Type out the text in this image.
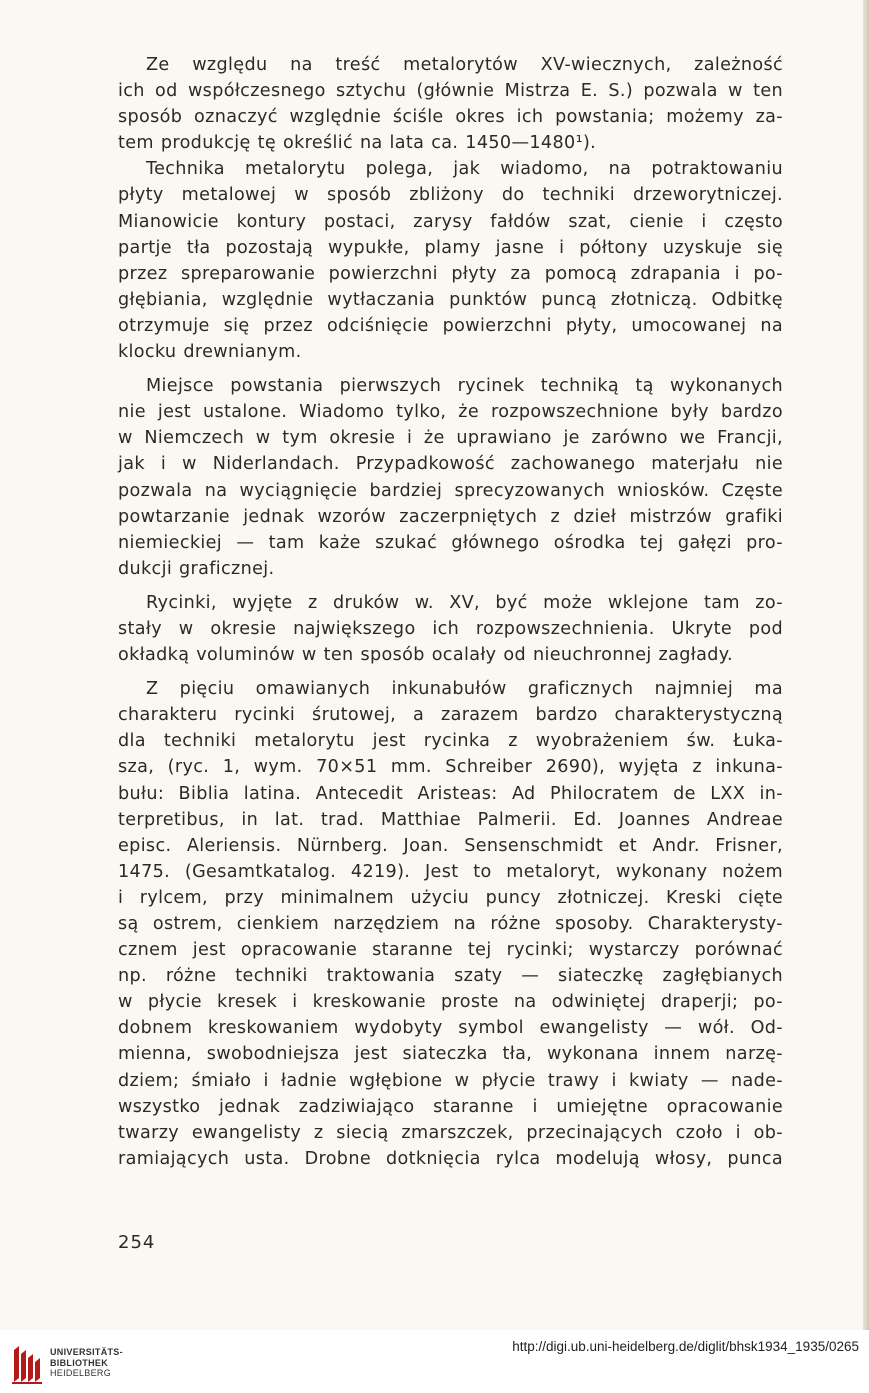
Ze względu na treść metalorytów XV-wiecznych, zależność
ich od współczesnego sztychu (głównie Mistrza E. S.) pozwala w ten
sposób oznaczyć względnie ściśle okres ich powstania; możemy za-
tem produkcję tę określić na lata ca. 1450—1480¹).
Technika metalorytu polega, jak wiadomo, na potraktowaniu
płyty metalowej w sposób zbliżony do techniki drzeworytniczej.
Mianowicie kontury postaci, zarysy fałdów szat, cienie i często
partje tła pozostają wypukłe, plamy jasne i półtony uzyskuje się
przez spreparowanie powierzchni płyty za pomocą zdrapania i po-
głębiania, względnie wytłaczania punktów puncą złotniczą. Odbitkę
otrzymuje się przez odciśnięcie powierzchni płyty, umocowanej na
klocku drewnianym.
Miejsce powstania pierwszych rycinek techniką tą wykonanych
nie jest ustalone. Wiadomo tylko, że rozpowszechnione były bardzo
w Niemczech w tym okresie i że uprawiano je zarówno we Francji,
jak i w Niderlandach. Przypadkowość zachowanego materjału nie
pozwala na wyciągnięcie bardziej sprecyzowanych wniosków. Częste
powtarzanie jednak wzorów zaczerpniętych z dzieł mistrzów grafiki
niemieckiej — tam każe szukać głównego ośrodka tej gałęzi pro-
dukcji graficznej.
Rycinki, wyjęte z druków w. XV, być może wklejone tam zo-
stały w okresie największego ich rozpowszechnienia. Ukryte pod
okładką voluminów w ten sposób ocalały od nieuchronnej zagłady.
Z pięciu omawianych inkunabułów graficznych najmniej ma
charakteru rycinki śrutowej, a zarazem bardzo charakterystyczną
dla techniki metalorytu jest rycinka z wyobrażeniem św. Łuka-
sza, (ryc. 1, wym. 70×51 mm. Schreiber 2690), wyjęta z inkuna-
bułu: Biblia latina. Antecedit Aristeas: Ad Philocratem de LXX in-
terpretibus, in lat. trad. Matthiae Palmerii. Ed. Joannes Andreae
episc. Aleriensis. Nürnberg. Joan. Sensenschmidt et Andr. Frisner,
1475. (Gesamtkatalog. 4219). Jest to metaloryt, wykonany nożem
i rylcem, przy minimalnem użyciu puncy złotniczej. Kreski cięte
są ostrem, cienkiem narzędziem na różne sposoby. Charakterysty-
cznem jest opracowanie staranne tej rycinki; wystarczy porównać
np. różne techniki traktowania szaty — siateczkę zagłębianych
w płycie kresek i kreskowanie proste na odwiniętej draperji; po-
dobnem kreskowaniem wydobyty symbol ewangelisty — wół. Od-
mienna, swobodniejsza jest siateczka tła, wykonana innem narzę-
dziem; śmiało i ładnie wgłębione w płycie trawy i kwiaty — nade-
wszystko jednak zadziwiająco staranne i umiejętne opracowanie
twarzy ewangelisty z siecią zmarszczek, przecinających czoło i ob-
ramiających usta. Drobne dotknięcia rylca modelują włosy, punca
254
UNIVERSITÄTS-
BIBLIOTHEK
HEIDELBERG
http://digi.ub.uni-heidelberg.de/diglit/bhsk1934_1935/0265
